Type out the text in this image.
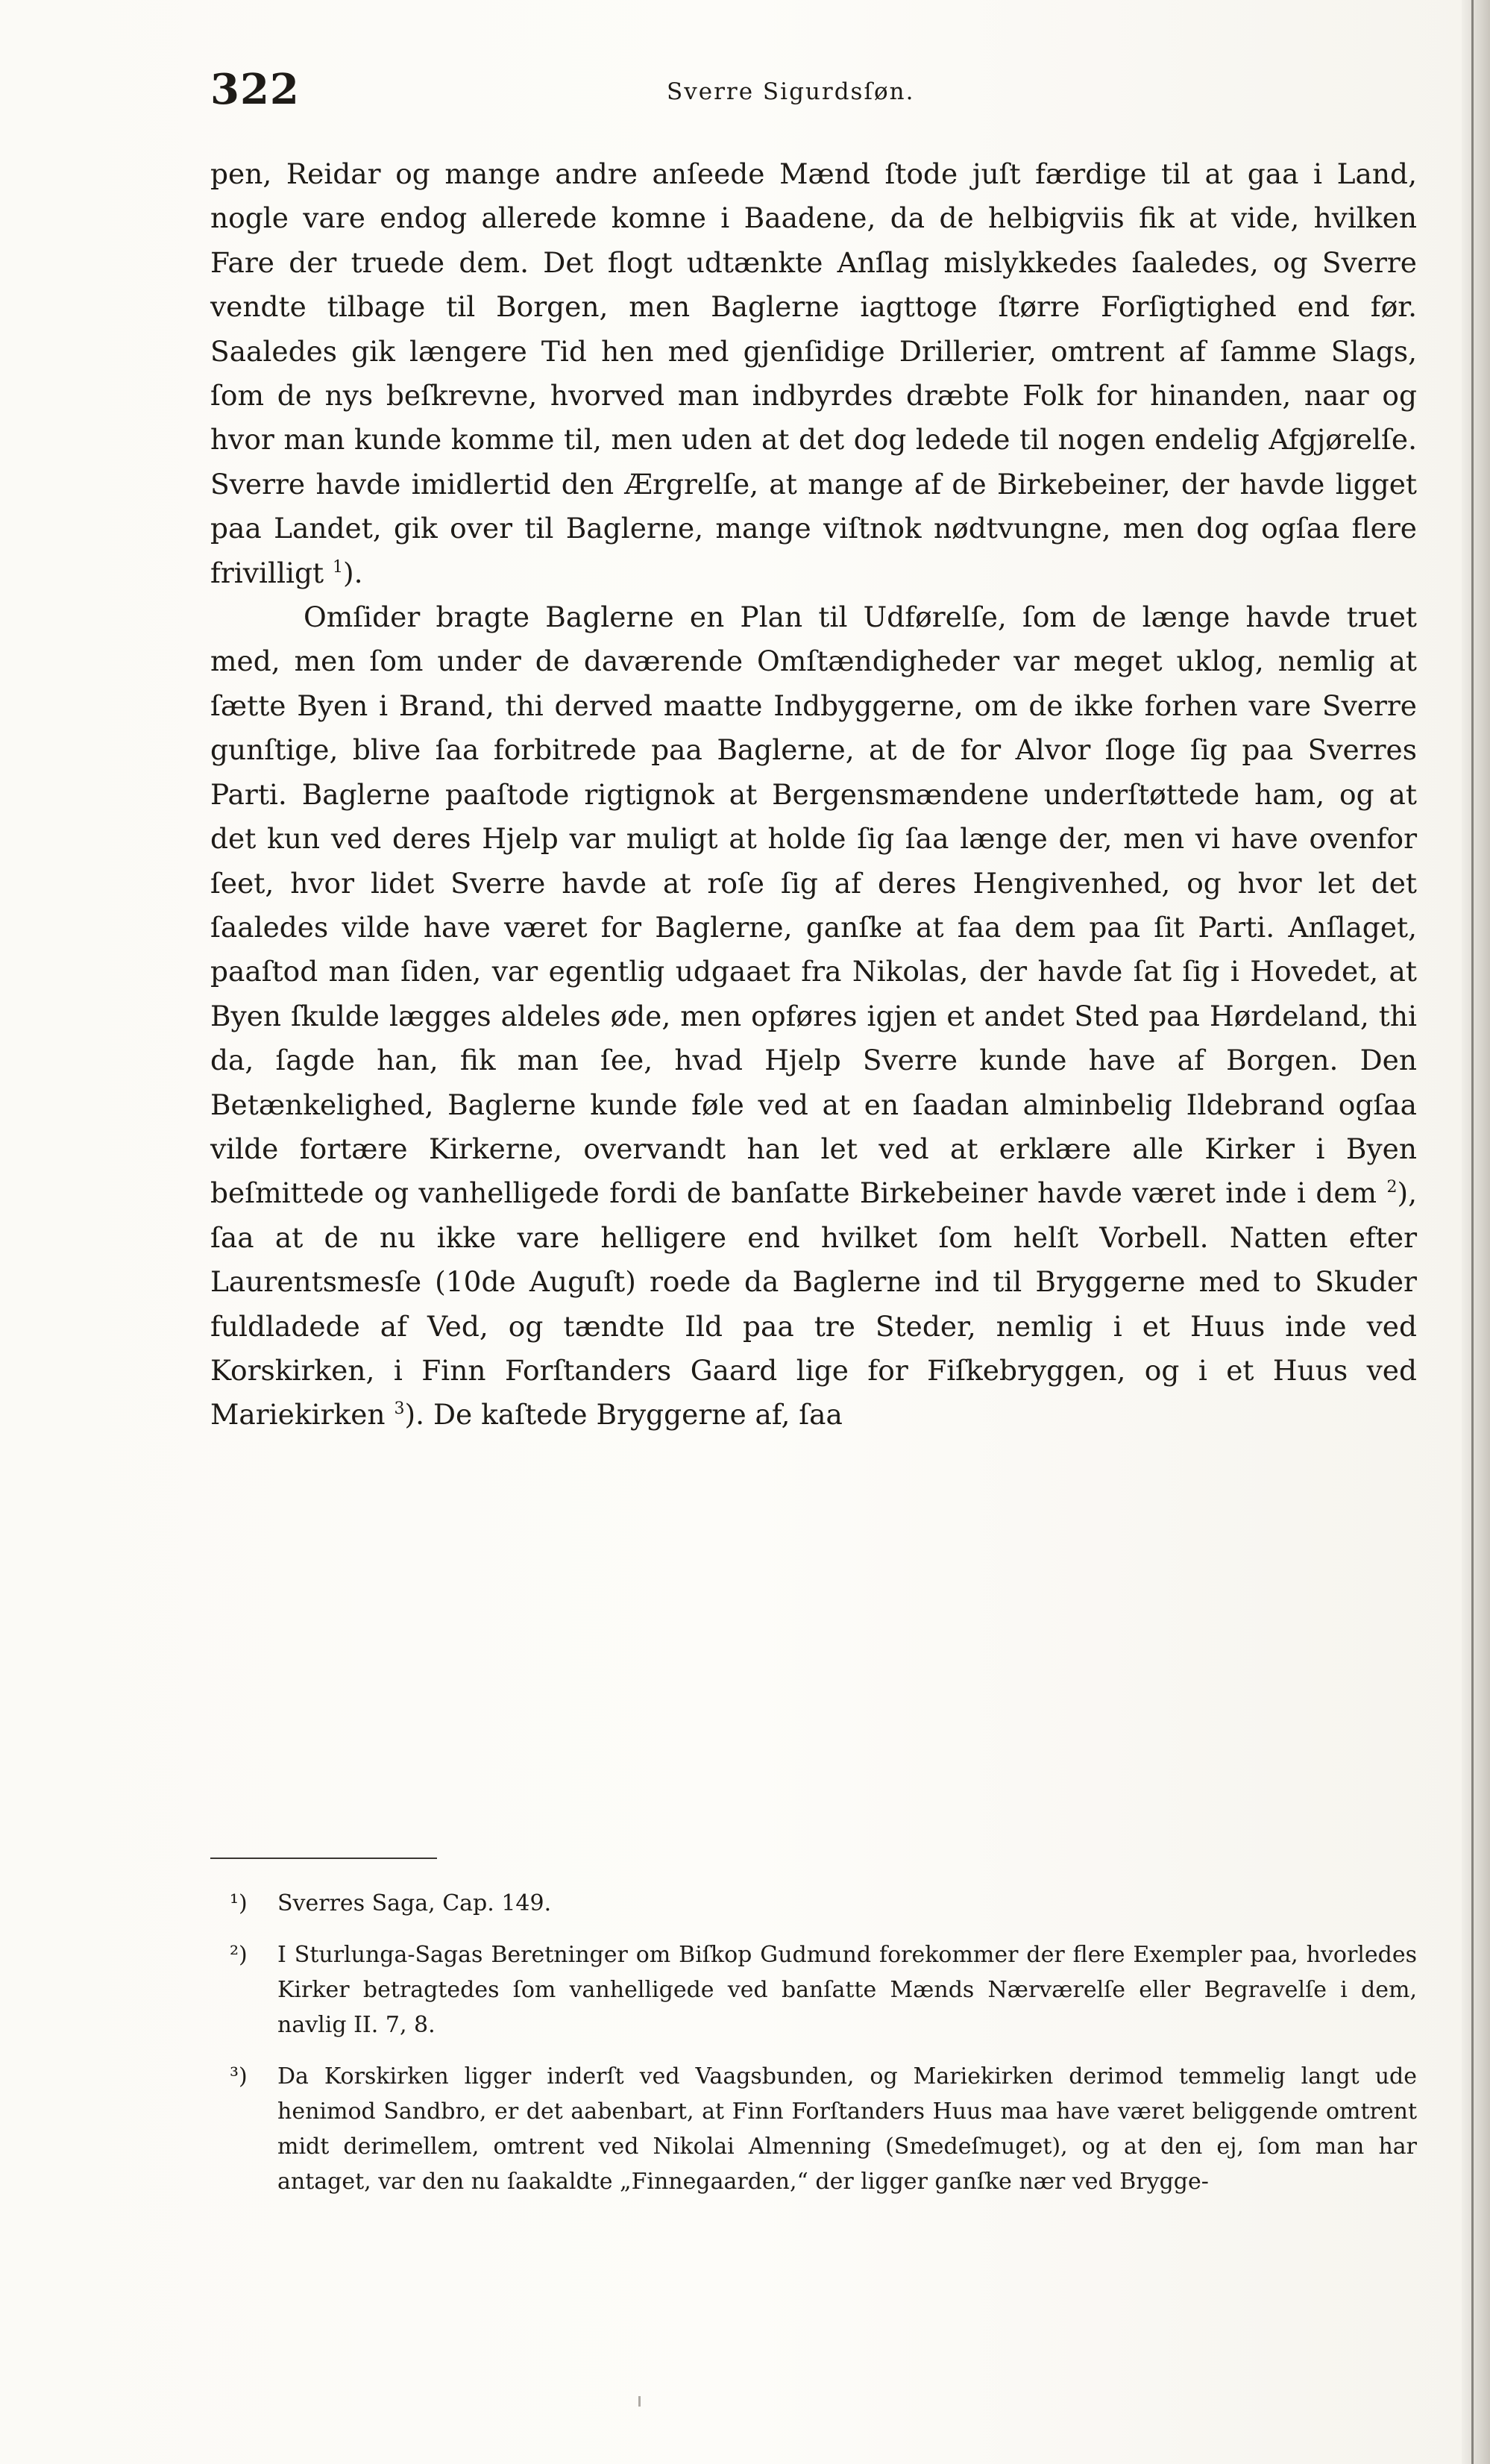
322	Sverre Sigurdsſøn.

pen, Reidar og mange andre anſeede Mænd ſtode juſt færdige til at gaa i Land, nogle vare endog allerede komne i Baadene, da de helbigviis fik at vide, hvilken Fare der truede dem. Det flogt udtænkte Anſlag mislykkedes ſaaledes, og Sverre vendte tilbage til Borgen, men Baglerne iagttoge ſtørre Forſigtighed end før. Saaledes gik længere Tid hen med gjenſidige Drillerier, omtrent af ſamme Slags, ſom de nys beſkrevne, hvorved man indbyrdes dræbte Folk for hinanden, naar og hvor man kunde komme til, men uden at det dog ledede til nogen endelig Afgjørelſe. Sverre havde imidlertid den Ærgrelſe, at mange af de Birkebeiner, der havde ligget paa Landet, gik over til Baglerne, mange viſtnok nødtvungne, men dog ogſaa flere frivilligt $^1$).

Omſider bragte Baglerne en Plan til Udførelſe, ſom de længe havde truet med, men ſom under de daværende Omſtændigheder var meget uklog, nemlig at ſætte Byen i Brand, thi derved maatte Indbyggerne, om de ikke forhen vare Sverre gunſtige, blive ſaa forbitrede paa Baglerne, at de for Alvor ſloge ſig paa Sverres Parti. Baglerne paaſtode rigtignok at Bergensmændene underſtøttede ham, og at det kun ved deres Hjelp var muligt at holde ſig ſaa længe der, men vi have ovenfor ſeet, hvor lidet Sverre havde at roſe ſig af deres Hengivenhed, og hvor let det ſaaledes vilde have været for Baglerne, ganſke at faa dem paa ſit Parti. Anſlaget, paaſtod man ſiden, var egentlig udgaaet fra Nikolas, der havde ſat ſig i Hovedet, at Byen ſkulde lægges aldeles øde, men opføres igjen et andet Sted paa Hørdeland, thi da, ſagde han, fik man ſee, hvad Hjelp Sverre kunde have af Borgen. Den Betænkelighed, Baglerne kunde føle ved at en ſaadan alminbelig Ildebrand ogſaa vilde fortære Kirkerne, overvandt han let ved at erklære alle Kirker i Byen beſmittede og vanhelligede fordi de banſatte Birkebeiner havde været inde i dem $^2$), ſaa at de nu ikke vare helligere end hvilket ſom helſt Vorbell. Natten efter Laurentsmesſe (10de Auguſt) roede da Baglerne ind til Bryggerne med to Skuder fuldladede af Ved, og tændte Ild paa tre Steder, nemlig i et Huus inde ved Korskirken, i Finn Forſtanders Gaard lige for Fiſkebryggen, og i et Huus ved Mariekirken $^3$). De kaſtede Bryggerne af, ſaa

¹) Sverres Saga, Cap. 149.

²) I Sturlunga-Sagas Beretninger om Biſkop Gudmund forekommer der flere Exempler paa, hvorledes Kirker betragtedes ſom vanhelligede ved banſatte Mænds Nærværelſe eller Begravelſe i dem, navlig II. 7, 8.

³) Da Korskirken ligger inderſt ved Vaagsbunden, og Mariekirken derimod temmelig langt ude henimod Sandbro, er det aabenbart, at Finn Forſtanders Huus maa have været beliggende omtrent midt derimellem, omtrent ved Nikolai Almenning (Smedeſmuget), og at den ej, ſom man har antaget, var den nu ſaakaldte „Finnegaarden,“ der ligger ganſke nær ved Brygge-
